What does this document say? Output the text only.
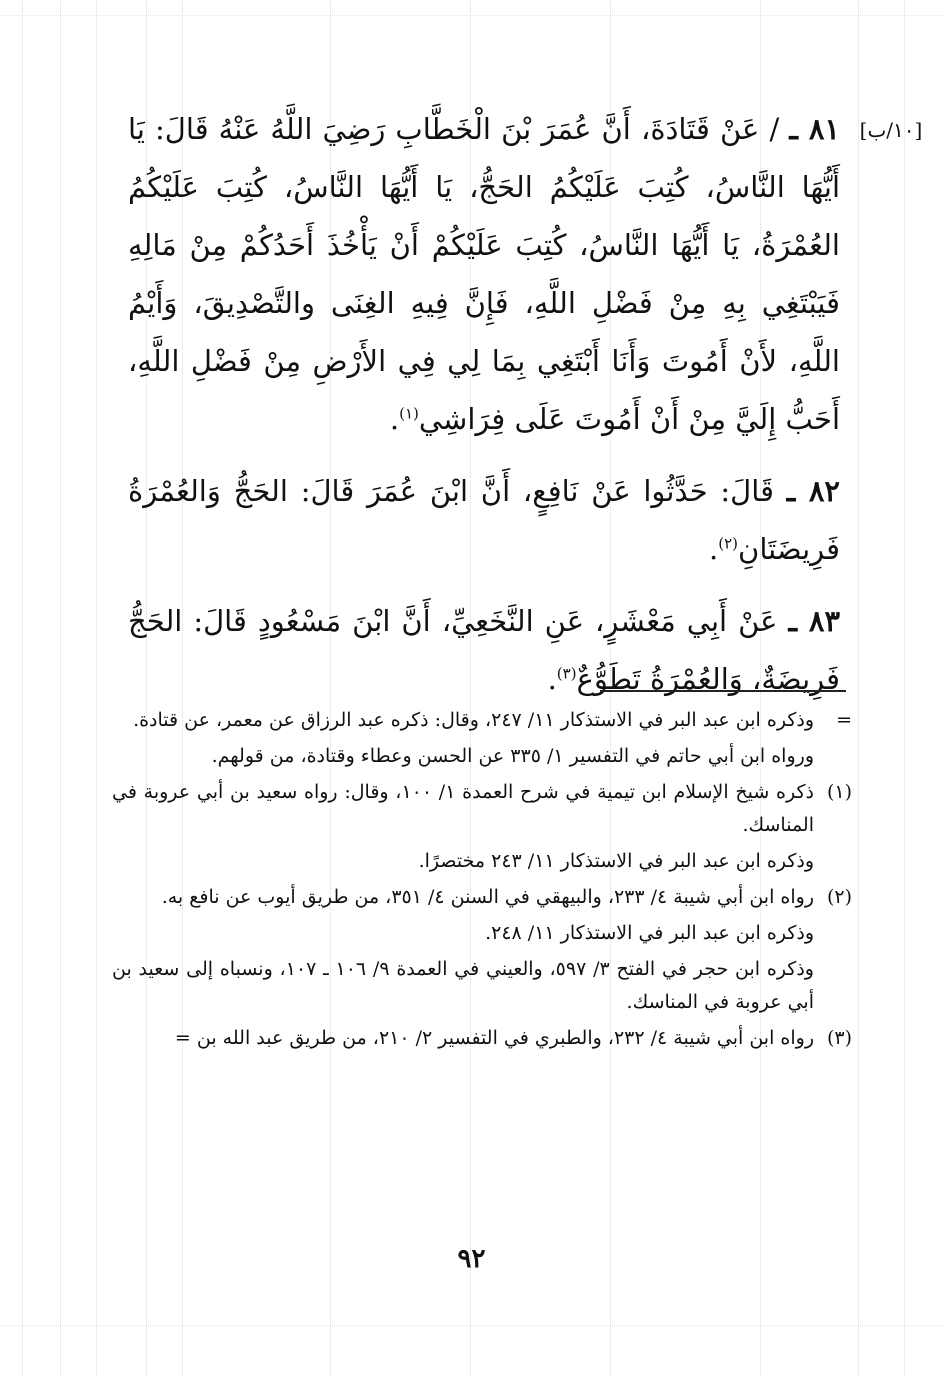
[١٠/ب]

٨١ ـ / عَنْ قَتَادَةَ، أَنَّ عُمَرَ بْنَ الْخَطَّابِ رَضِيَ اللَّهُ عَنْهُ قَالَ: يَا أَيُّهَا النَّاسُ، كُتِبَ عَلَيْكُمُ الحَجُّ، يَا أَيُّهَا النَّاسُ، كُتِبَ عَلَيْكُمُ العُمْرَةُ، يَا أَيُّهَا النَّاسُ، كُتِبَ عَلَيْكُمْ أَنْ يَأْخُذَ أَحَدُكُمْ مِنْ مَالِهِ فَيَبْتَغِي بِهِ مِنْ فَضْلِ اللَّهِ، فَإِنَّ فِيهِ الغِنَى والتَّصْدِيقَ، وَأَيْمُ اللَّهِ، لأَنْ أَمُوتَ وَأَنَا أَبْتَغِي بِمَا لِي فِي الأَرْضِ مِنْ فَضْلِ اللَّهِ، أَحَبُّ إِلَيَّ مِنْ أَنْ أَمُوتَ عَلَى فِرَاشِي$^{(١)}$.

٨٢ ـ قَالَ: حَدَّثُوا عَنْ نَافِعٍ، أَنَّ ابْنَ عُمَرَ قَالَ: الحَجُّ وَالعُمْرَةُ فَرِيضَتَانِ$^{(٢)}$.

٨٣ ـ عَنْ أَبِي مَعْشَرٍ، عَنِ النَّخَعِيِّ، أَنَّ ابْنَ مَسْعُودٍ قَالَ: الحَجُّ فَرِيضَةٌ، وَالعُمْرَةُ تَطَوُّعٌ$^{(٣)}$.

=
وذكره ابن عبد البر في الاستذكار ١١/ ٢٤٧، وقال: ذكره عبد الرزاق عن معمر، عن قتادة.
ورواه ابن أبي حاتم في التفسير ١/ ٣٣٥ عن الحسن وعطاء وقتادة، من قولهم.
(١)
ذكره شيخ الإسلام ابن تيمية في شرح العمدة ١/ ١٠٠، وقال: رواه سعيد بن أبي عروبة في المناسك.
وذكره ابن عبد البر في الاستذكار ١١/ ٢٤٣ مختصرًا.
(٢)
رواه ابن أبي شيبة ٤/ ٢٣٣، والبيهقي في السنن ٤/ ٣٥١، من طريق أيوب عن نافع به.
وذكره ابن عبد البر في الاستذكار ١١/ ٢٤٨.
وذكره ابن حجر في الفتح ٣/ ٥٩٧، والعيني في العمدة ٩/ ١٠٦ ـ ١٠٧، ونسباه إلى سعيد بن أبي عروبة في المناسك.
(٣)
رواه ابن أبي شيبة ٤/ ٢٣٢، والطبري في التفسير ٢/ ٢١٠، من طريق عبد الله بن =
٩٢
